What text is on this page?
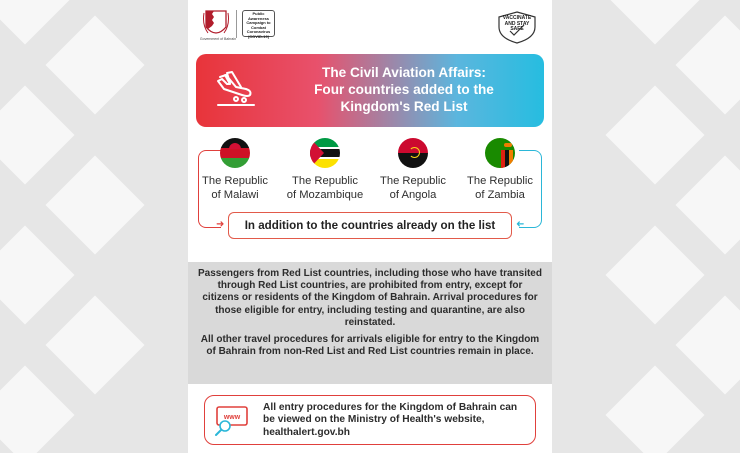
Government of Bahrain
Public Awareness Campaign to Combat Coronavirus (COVID-19)
VACCINATE AND STAY SAFE
The Civil Aviation Affairs:
Four countries added to the
Kingdom's Red List
The Republic
of Malawi
The Republic
of Mozambique
The Republic
of Angola
The Republic
of Zambia
➜	In addition to the countries already on the list	➜

Passengers from Red List countries, including those who have transited through Red List countries, are prohibited from entry, except for citizens or residents of the Kingdom of Bahrain. Arrival procedures for those eligible for entry, including testing and quarantine, are also reinstated.

All other travel procedures for arrivals eligible for entry to the Kingdom of Bahrain from non-Red List and Red List countries remain in place.

www
All entry procedures for the Kingdom of Bahrain can be viewed on the Ministry of Health's website, healthalert.gov.bh
